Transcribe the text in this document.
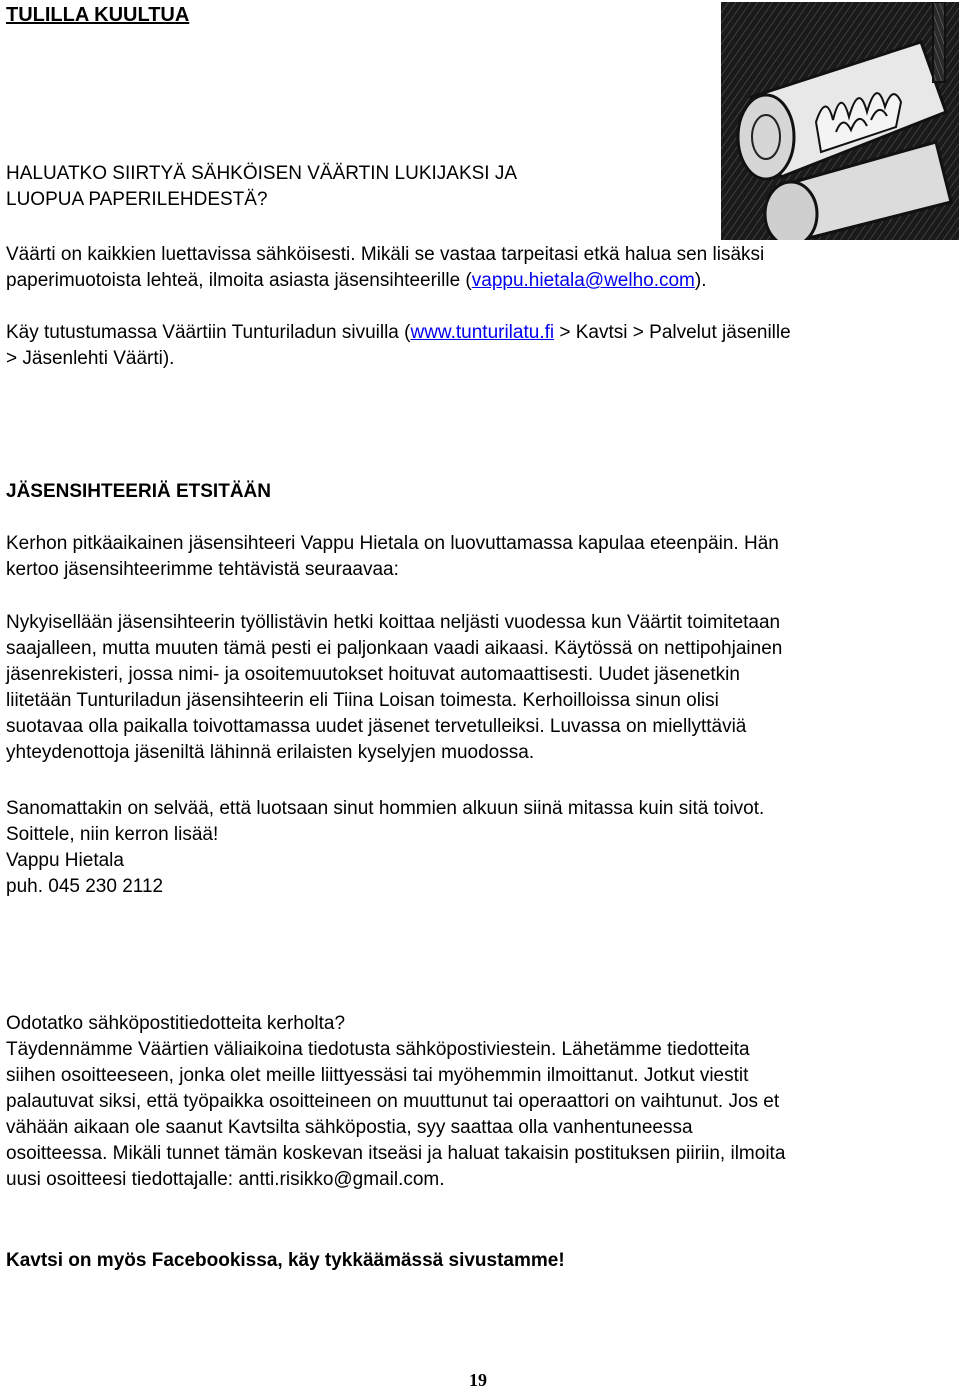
TULILLA KUULTUA
HALUATKO SIIRTYÄ SÄHKÖISEN VÄÄRTIN LUKIJAKSI JA
LUOPUA PAPERILEHDESTÄ?
Väärti on kaikkien luettavissa sähköisesti. Mikäli se vastaa tarpeitasi etkä halua sen lisäksi
paperimuotoista lehteä, ilmoita asiasta jäsensihteerille (vappu.hietala@welho.com).
Käy tutustumassa Väärtiin Tunturiladun sivuilla (www.tunturilatu.fi > Kavtsi > Palvelut jäsenille
> Jäsenlehti Väärti).
JÄSENSIHTEERIÄ ETSITÄÄN
Kerhon pitkäaikainen jäsensihteeri Vappu Hietala on luovuttamassa kapulaa eteenpäin. Hän
kertoo jäsensihteerimme tehtävistä seuraavaa:
Nykyisellään jäsensihteerin työllistävin hetki koittaa neljästi vuodessa kun Väärtit toimitetaan
saajalleen, mutta muuten tämä pesti ei paljonkaan vaadi aikaasi. Käytössä on nettipohjainen
jäsenrekisteri, jossa nimi- ja osoitemuutokset hoituvat automaattisesti. Uudet jäsenetkin
liitetään Tunturiladun jäsensihteerin eli Tiina Loisan toimesta. Kerhoilloissa sinun olisi
suotavaa olla paikalla toivottamassa uudet jäsenet tervetulleiksi. Luvassa on miellyttäviä
yhteydenottoja jäseniltä lähinnä erilaisten kyselyjen muodossa.
Sanomattakin on selvää, että luotsaan sinut hommien alkuun siinä mitassa kuin sitä toivot.
Soittele, niin kerron lisää!
Vappu Hietala
puh. 045 230 2112
Odotatko sähköpostitiedotteita kerholta?
Täydennämme Väärtien väliaikoina tiedotusta sähköpostiviestein. Lähetämme tiedotteita
siihen osoitteeseen, jonka olet meille liittyessäsi tai myöhemmin ilmoittanut. Jotkut viestit
palautuvat siksi, että työpaikka osoitteineen on muuttunut tai operaattori on vaihtunut. Jos et
vähään aikaan ole saanut Kavtsilta sähköpostia, syy saattaa olla vanhentuneessa
osoitteessa. Mikäli tunnet tämän koskevan itseäsi ja haluat takaisin postituksen piiriin, ilmoita
uusi osoitteesi tiedottajalle: antti.risikko@gmail.com.
Kavtsi on myös Facebookissa, käy tykkäämässä sivustamme!
19
